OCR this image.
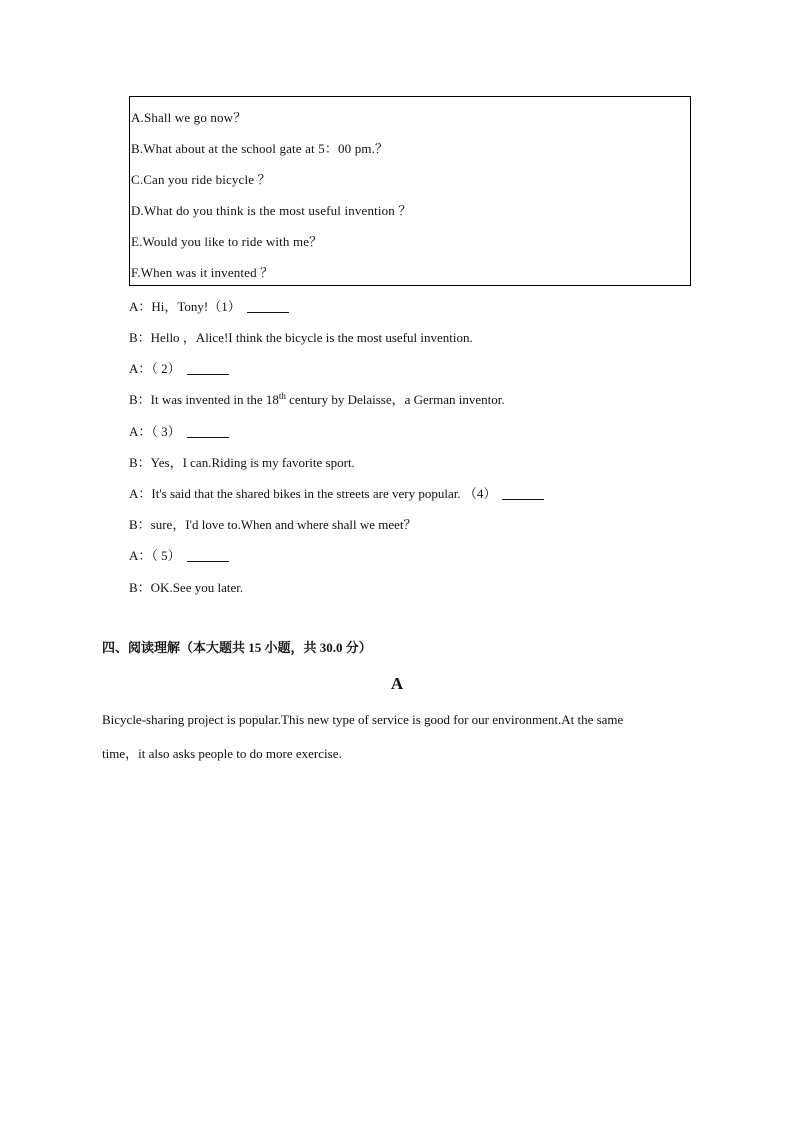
A.Shall we go now？
B.What about at the school gate at 5：00 pm.？
C.Can you ride bicycle ？
D.What do you think is the most useful invention ？
E.Would you like to ride with me？
F.When was it invented ？
A：Hi，Tony!（1）
B：Hello ，Alice!I think the bicycle is the most useful invention.
A：（ 2）
B：It was invented in the 18th century by Delaisse，a German inventor.
A：（ 3）
B：Yes，I can.Riding is my favorite sport.
A：It's said that the shared bikes in the streets are very popular. （4）
B：sure，I'd love to.When and where shall we meet？
A：（ 5）
B：OK.See you later.
四、阅读理解（本大题共 15 小题，共 30.0 分）
A
Bicycle-sharing project is popular.This new type of service is good for our environment.At the same
time，it also asks people to do more exercise.
